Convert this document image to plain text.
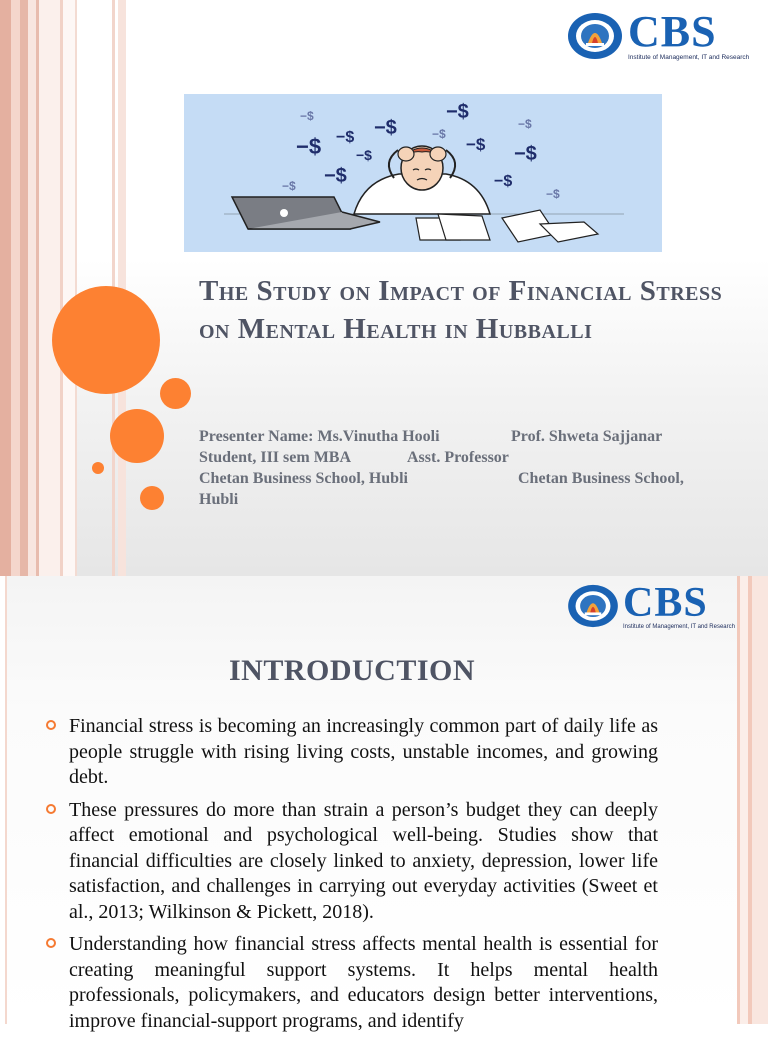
CBS
Institute of Management, IT and Research
−$
−$
−$
−$ −$
−$	−$
−$
−$
−$
−$
−$
−$
−$
The Study on Impact of Financial Stress on Mental Health in Hubballi
Presenter Name: Ms.Vinutha Hooli	Prof. Shweta Sajjanar
Student, III sem MBA	Asst. Professor
Chetan Business School, Hubli	Chetan Business School,
Hubli
CBS
Institute of Management, IT and Research
INTRODUCTION
Financial stress is becoming an increasingly common part of daily life as people struggle with rising living costs, unstable incomes, and growing debt.
These pressures do more than strain a person’s budget they can deeply affect emotional and psychological well-being. Studies show that financial difficulties are closely linked to anxiety, depression, lower life satisfaction, and challenges in carrying out everyday activities (Sweet et al., 2013; Wilkinson & Pickett, 2018).
Understanding how financial stress affects mental health is essential for creating meaningful support systems. It helps mental health professionals, policymakers, and educators design better interventions, improve financial-support programs, and identify
